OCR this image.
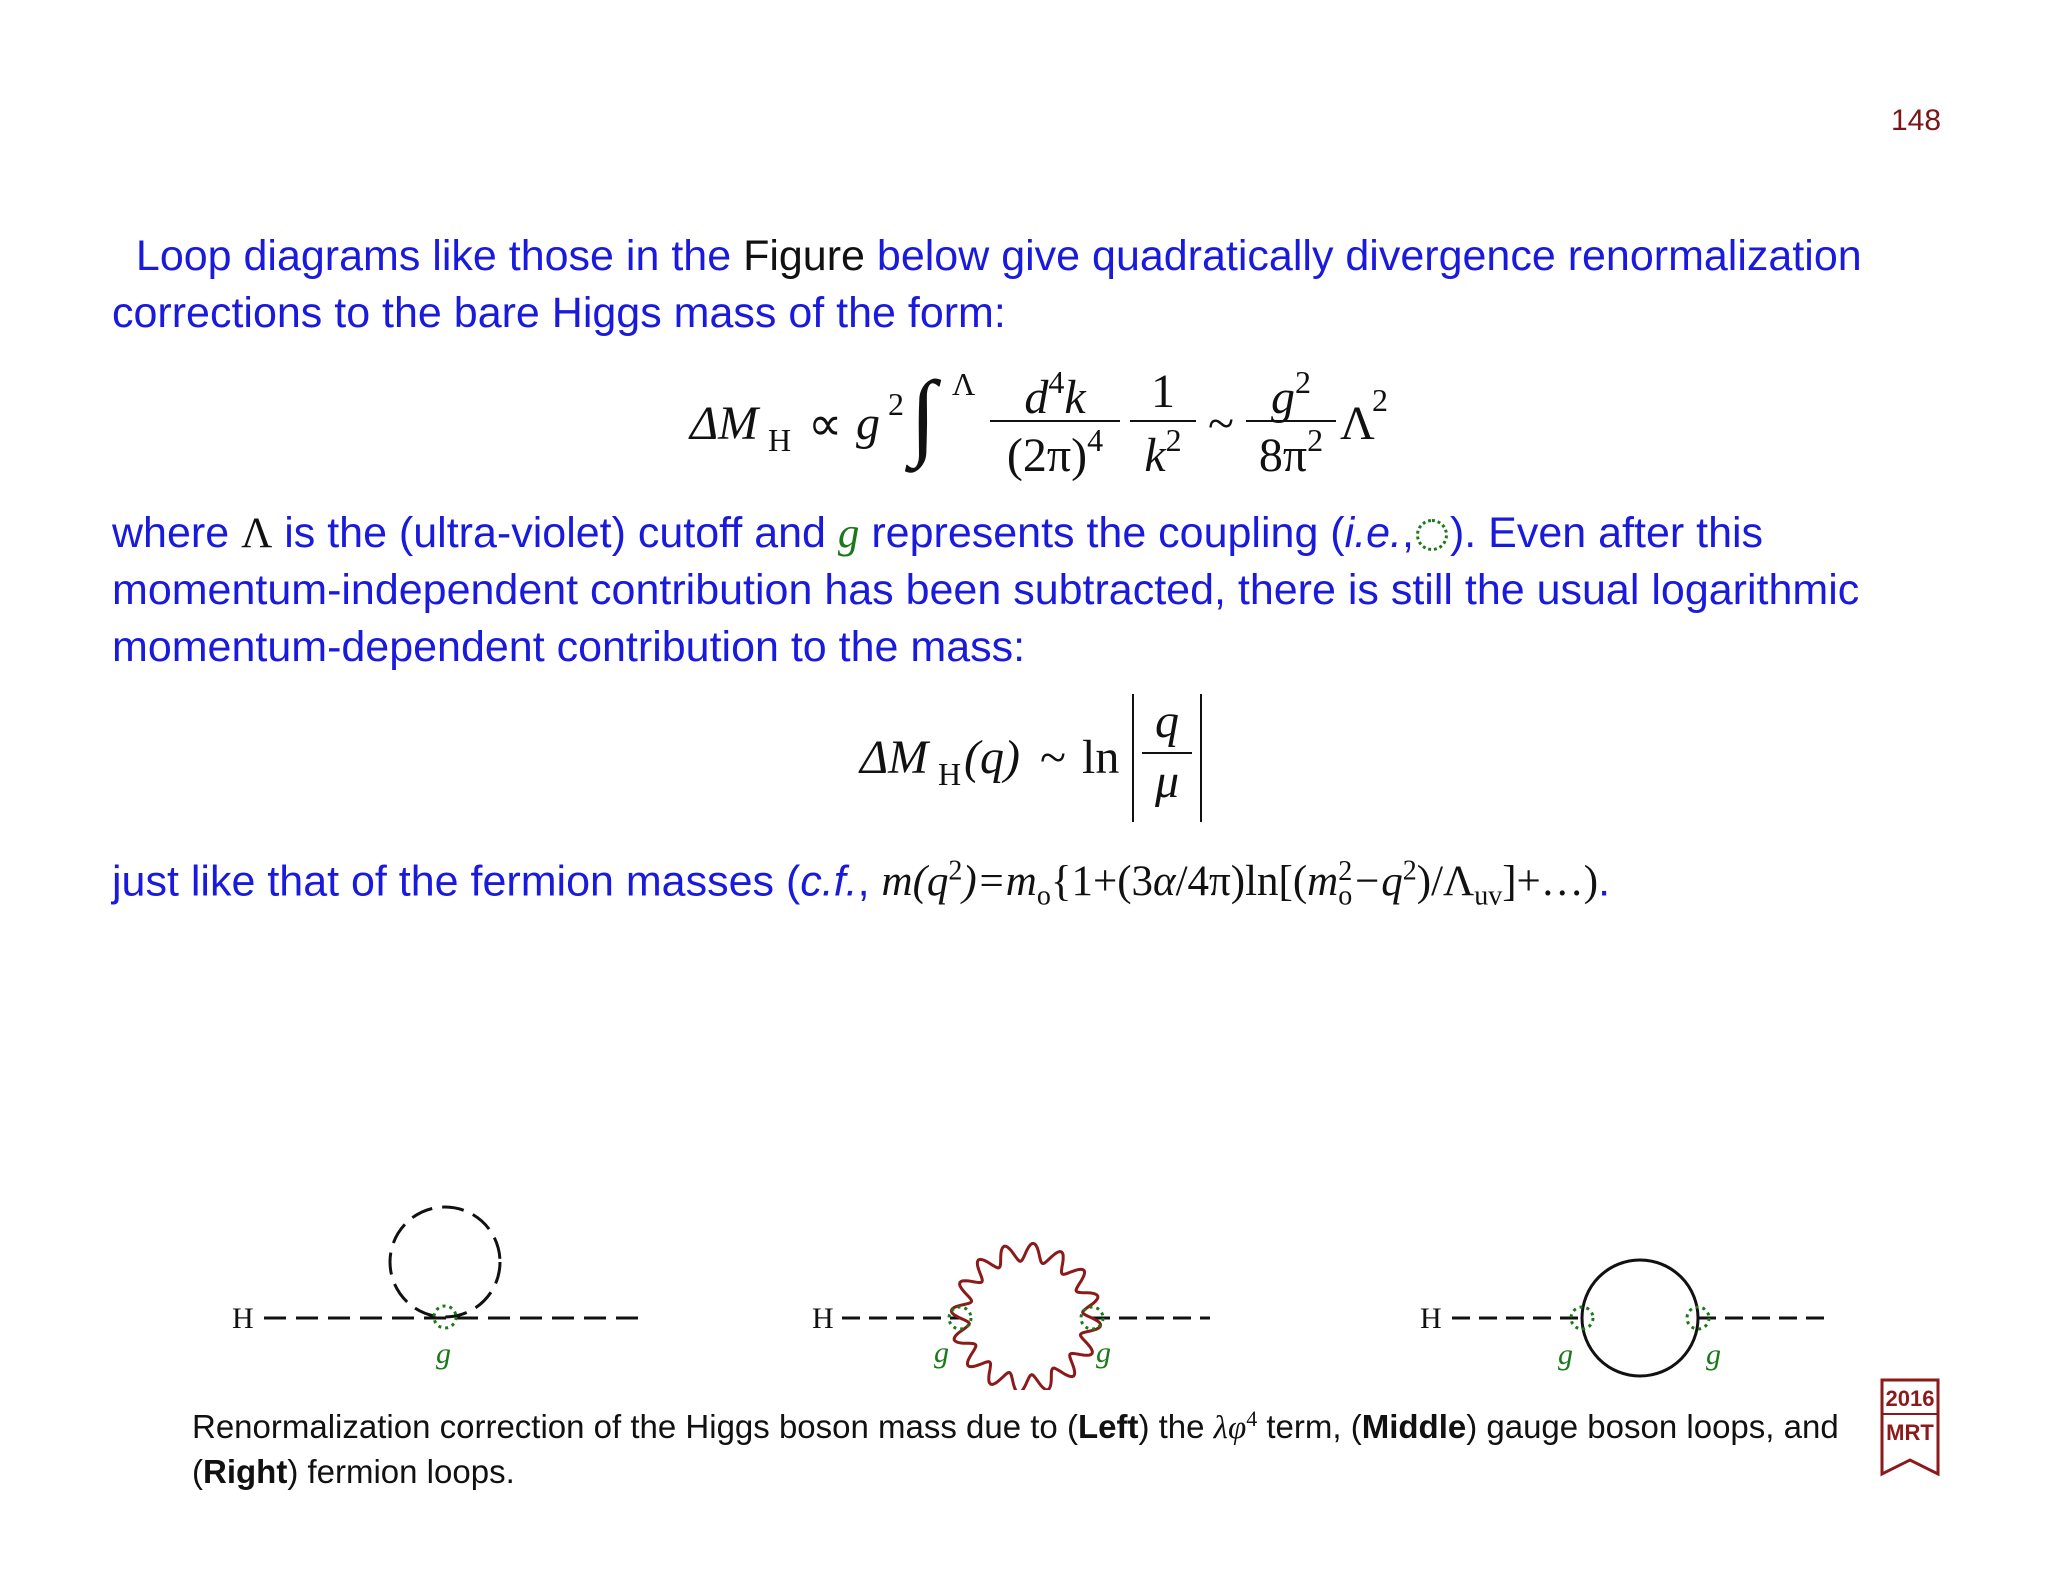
148
Loop diagrams like those in the Figure below give quadratically divergence renormalization corrections to the bare Higgs mass of the form:
ΔM H ∝ g 2 ∫ Λ	$d^4k$
$(2\pi)^4$
1
$k^2$ ~ $g^2$
$8\pi^2$ Λ
2
where Λ is the (ultra-violet) cutoff and g represents the coupling (i.e., ). Even after this momentum-independent contribution has been subtracted, there is still the usual logarithmic momentum-dependent contribution to the mass:
ΔM H (q) ~ $\ln \frac{q}{\mu}$
just like that of the fermion masses (c.f., $m(q^2)=m_o\{1+(3\alpha/4\pi)\ln[(m_o^2-q^2)/\Lambda_{uv}]+\dots)$.
H
g
H
g	g
H
g	g
Renormalization correction of the Higgs boson mass due to (Left) the $\lambda\varphi^4$ term, (Middle) gauge boson loops, and (Right) fermion loops.
2016
MRT
